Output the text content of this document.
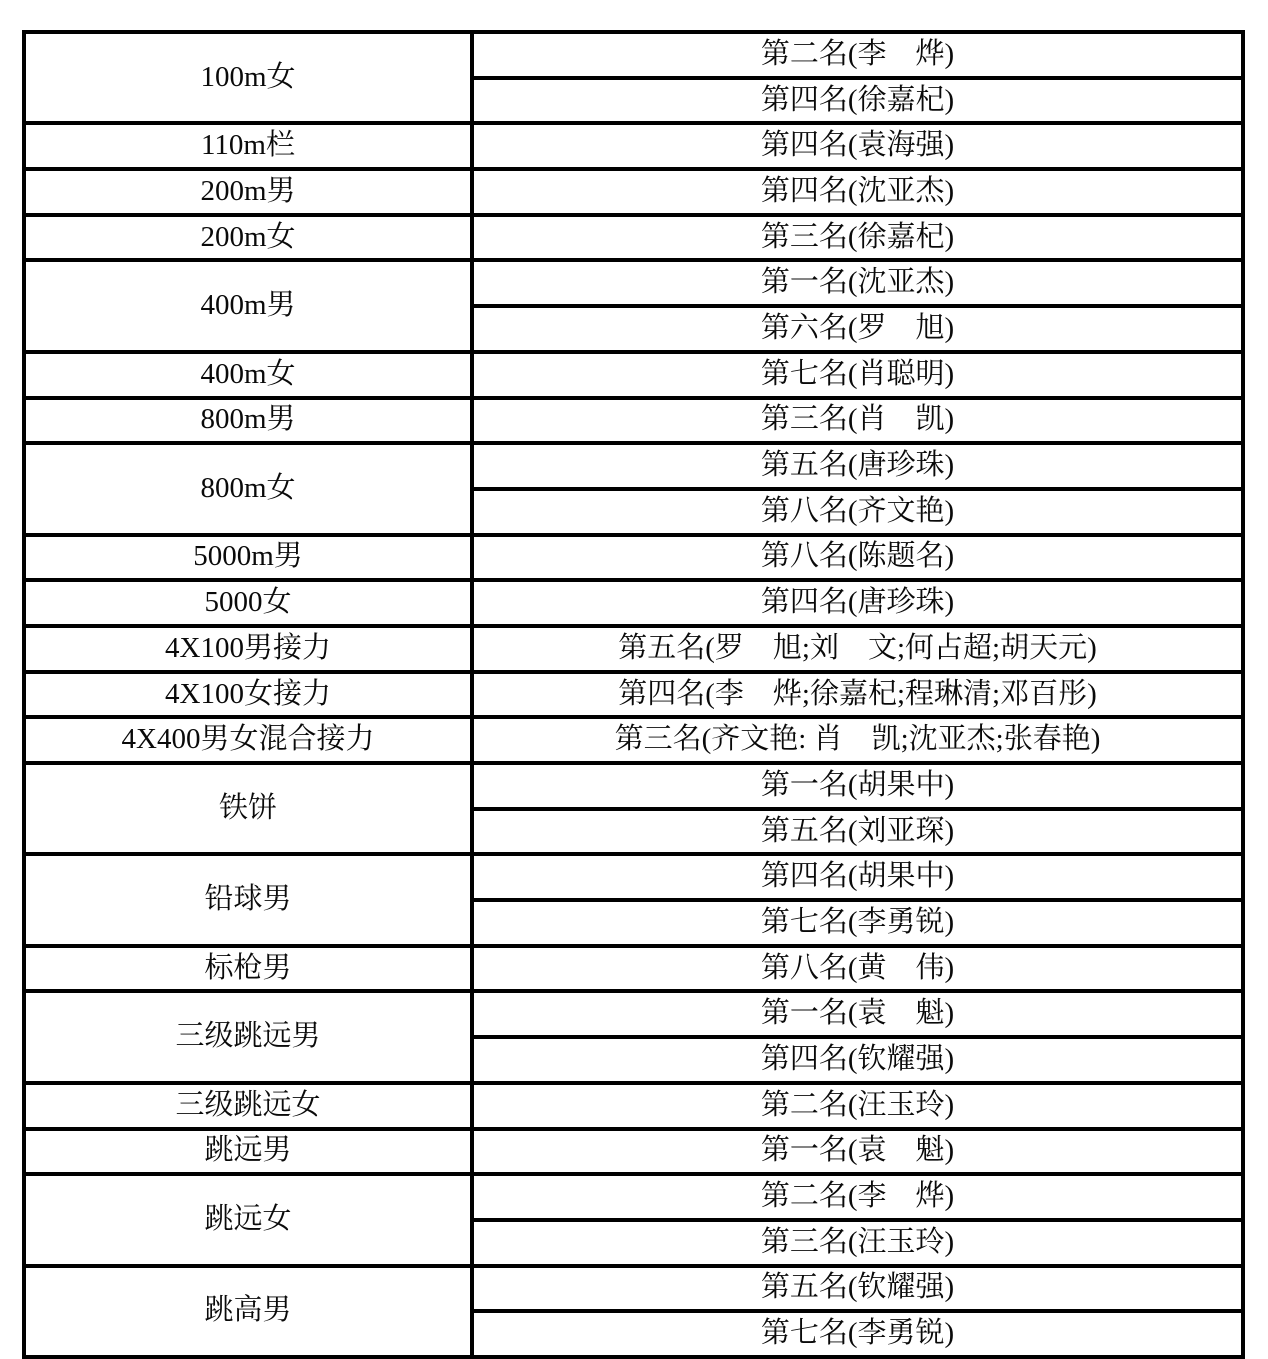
100m女	第二名(李　烨)
	第四名(徐嘉杞)
110m栏	第四名(袁海强)
200m男	第四名(沈亚杰)
200m女	第三名(徐嘉杞)
400m男	第一名(沈亚杰)
	第六名(罗　旭)
400m女	第七名(肖聪明)
800m男	第三名(肖　凯)
800m女	第五名(唐珍珠)
	第八名(齐文艳)
5000m男	第八名(陈题名)
5000女	第四名(唐珍珠)
4X100男接力	第五名(罗　旭;刘　文;何占超;胡天元)
4X100女接力	第四名(李　烨;徐嘉杞;程琳清;邓百彤)
4X400男女混合接力	第三名(齐文艳: 肖　凯;沈亚杰;张春艳)
铁饼	第一名(胡果中)
	第五名(刘亚琛)
铅球男	第四名(胡果中)
	第七名(李勇锐)
标枪男	第八名(黄　伟)
三级跳远男	第一名(袁　魁)
	第四名(钦耀强)
三级跳远女	第二名(汪玉玲)
跳远男	第一名(袁　魁)
跳远女	第二名(李　烨)
	第三名(汪玉玲)
跳高男	第五名(钦耀强)
	第七名(李勇锐)
